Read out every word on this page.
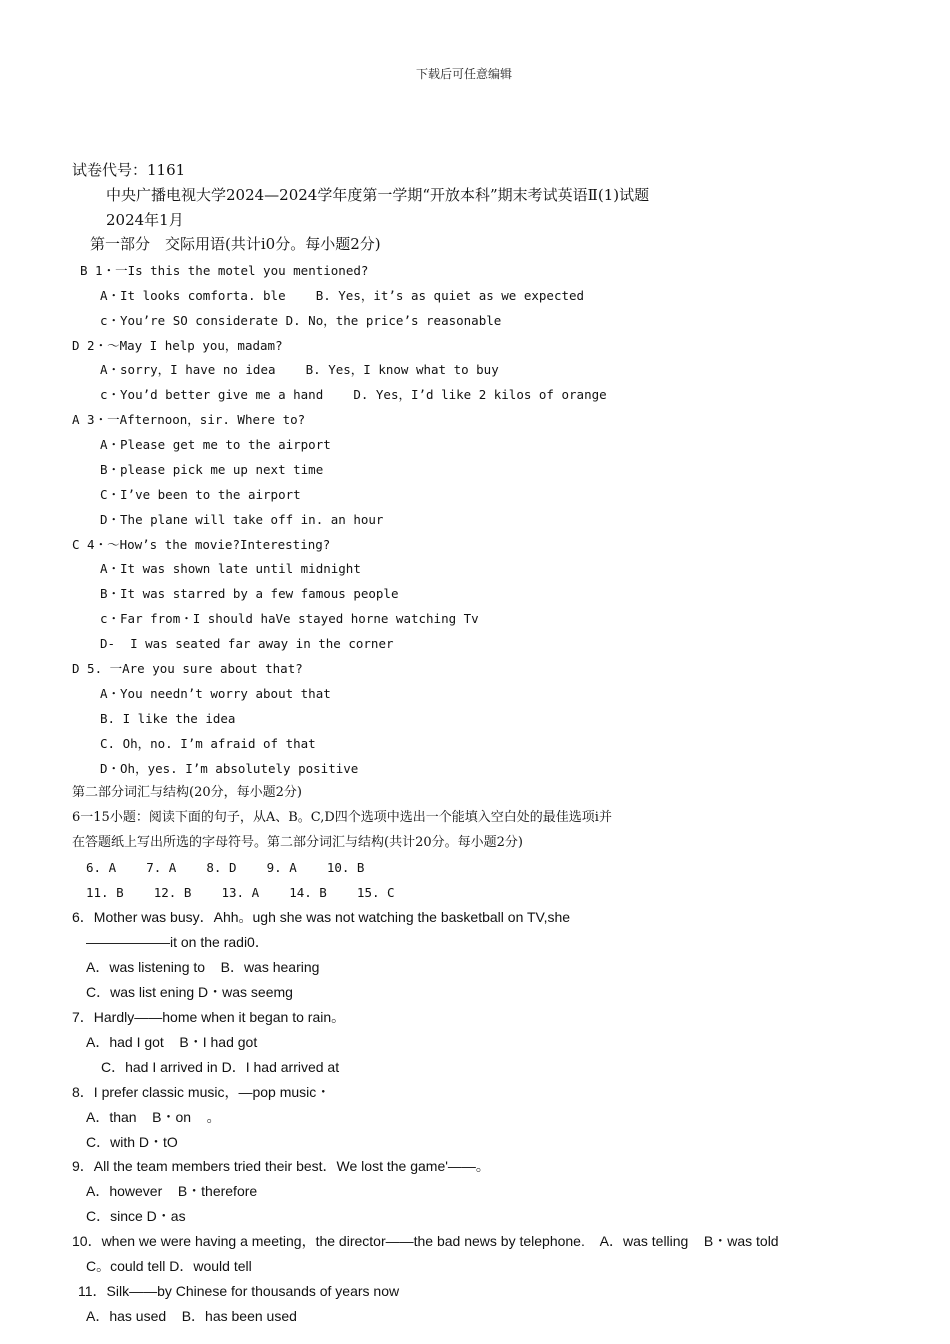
下载后可任意编辑
试卷代号：1161
中央广播电视大学2024—2024学年度第一学期“开放本科”期末考试英语Ⅱ(1)试题
2024年1月
第一部分　交际用语(共计i0分。每小题2分)
B 1・一Is this the motel you mentioned?
A・It looks comforta. ble    B. Yes，it’s as quiet as we expected
c・You’re SO considerate D. No，the price’s reasonable
D 2・～May I help you，madam?
A・sorry，I have no idea    B. Yes，I know what to buy
c・You’d better give me a hand    D. Yes，I’d like 2 kilos of orange
A 3・一Afternoon，sir. Where to?
A・Please get me to the airport
B・please pick me up next time
C・I’ve been to the airport
D・The plane will take off in. an hour
C 4・～How’s the movie?Interesting?
A・It was shown late until midnight
B・It was starred by a few famous people
c・Far from・I should haVe stayed horne watching Tv
D-  I was seated far away in the corner
D 5. 一Are you sure about that?
A・You needn’t worry about that
B. I like the idea
C. Oh，no. I’m afraid of that
D・Oh，yes. I’m absolutely positive
第二部分词汇与结构(20分，每小题2分)
6一15小题：阅读下面的句子，从A、B。C,D四个选项中选出一个能填入空白处的最佳选项i并
在答题纸上写出所选的字母符号。第二部分词汇与结构(共计20分。每小题2分)
6. A    7. A    8. D    9. A    10. B
11. B    12. B    13. A    14. B    15. C
6．Mother was busy．Ahh。ugh she was not watching the basketball on TV,she
——————it on the radi0．
A．was listening to    B．was hearing
C．was list ening D・was seemg
7．Hardly——home when it began to rain。
A．had I got    B・I had got
C．had I arrived in D．I had arrived at
8．I prefer classic music，—pop music・
A．than    B・on    。
C．with D・tO
9．All the team members tried their best．We lost the game'——。
A．however    B・therefore
C．since D・as
10．when we were having a meeting，the director——the bad news by telephone.    A．was telling    B・was told
C。could tell D．would tell
11．Silk——by Chinese for thousands of years now
A．has used    B．has been used
